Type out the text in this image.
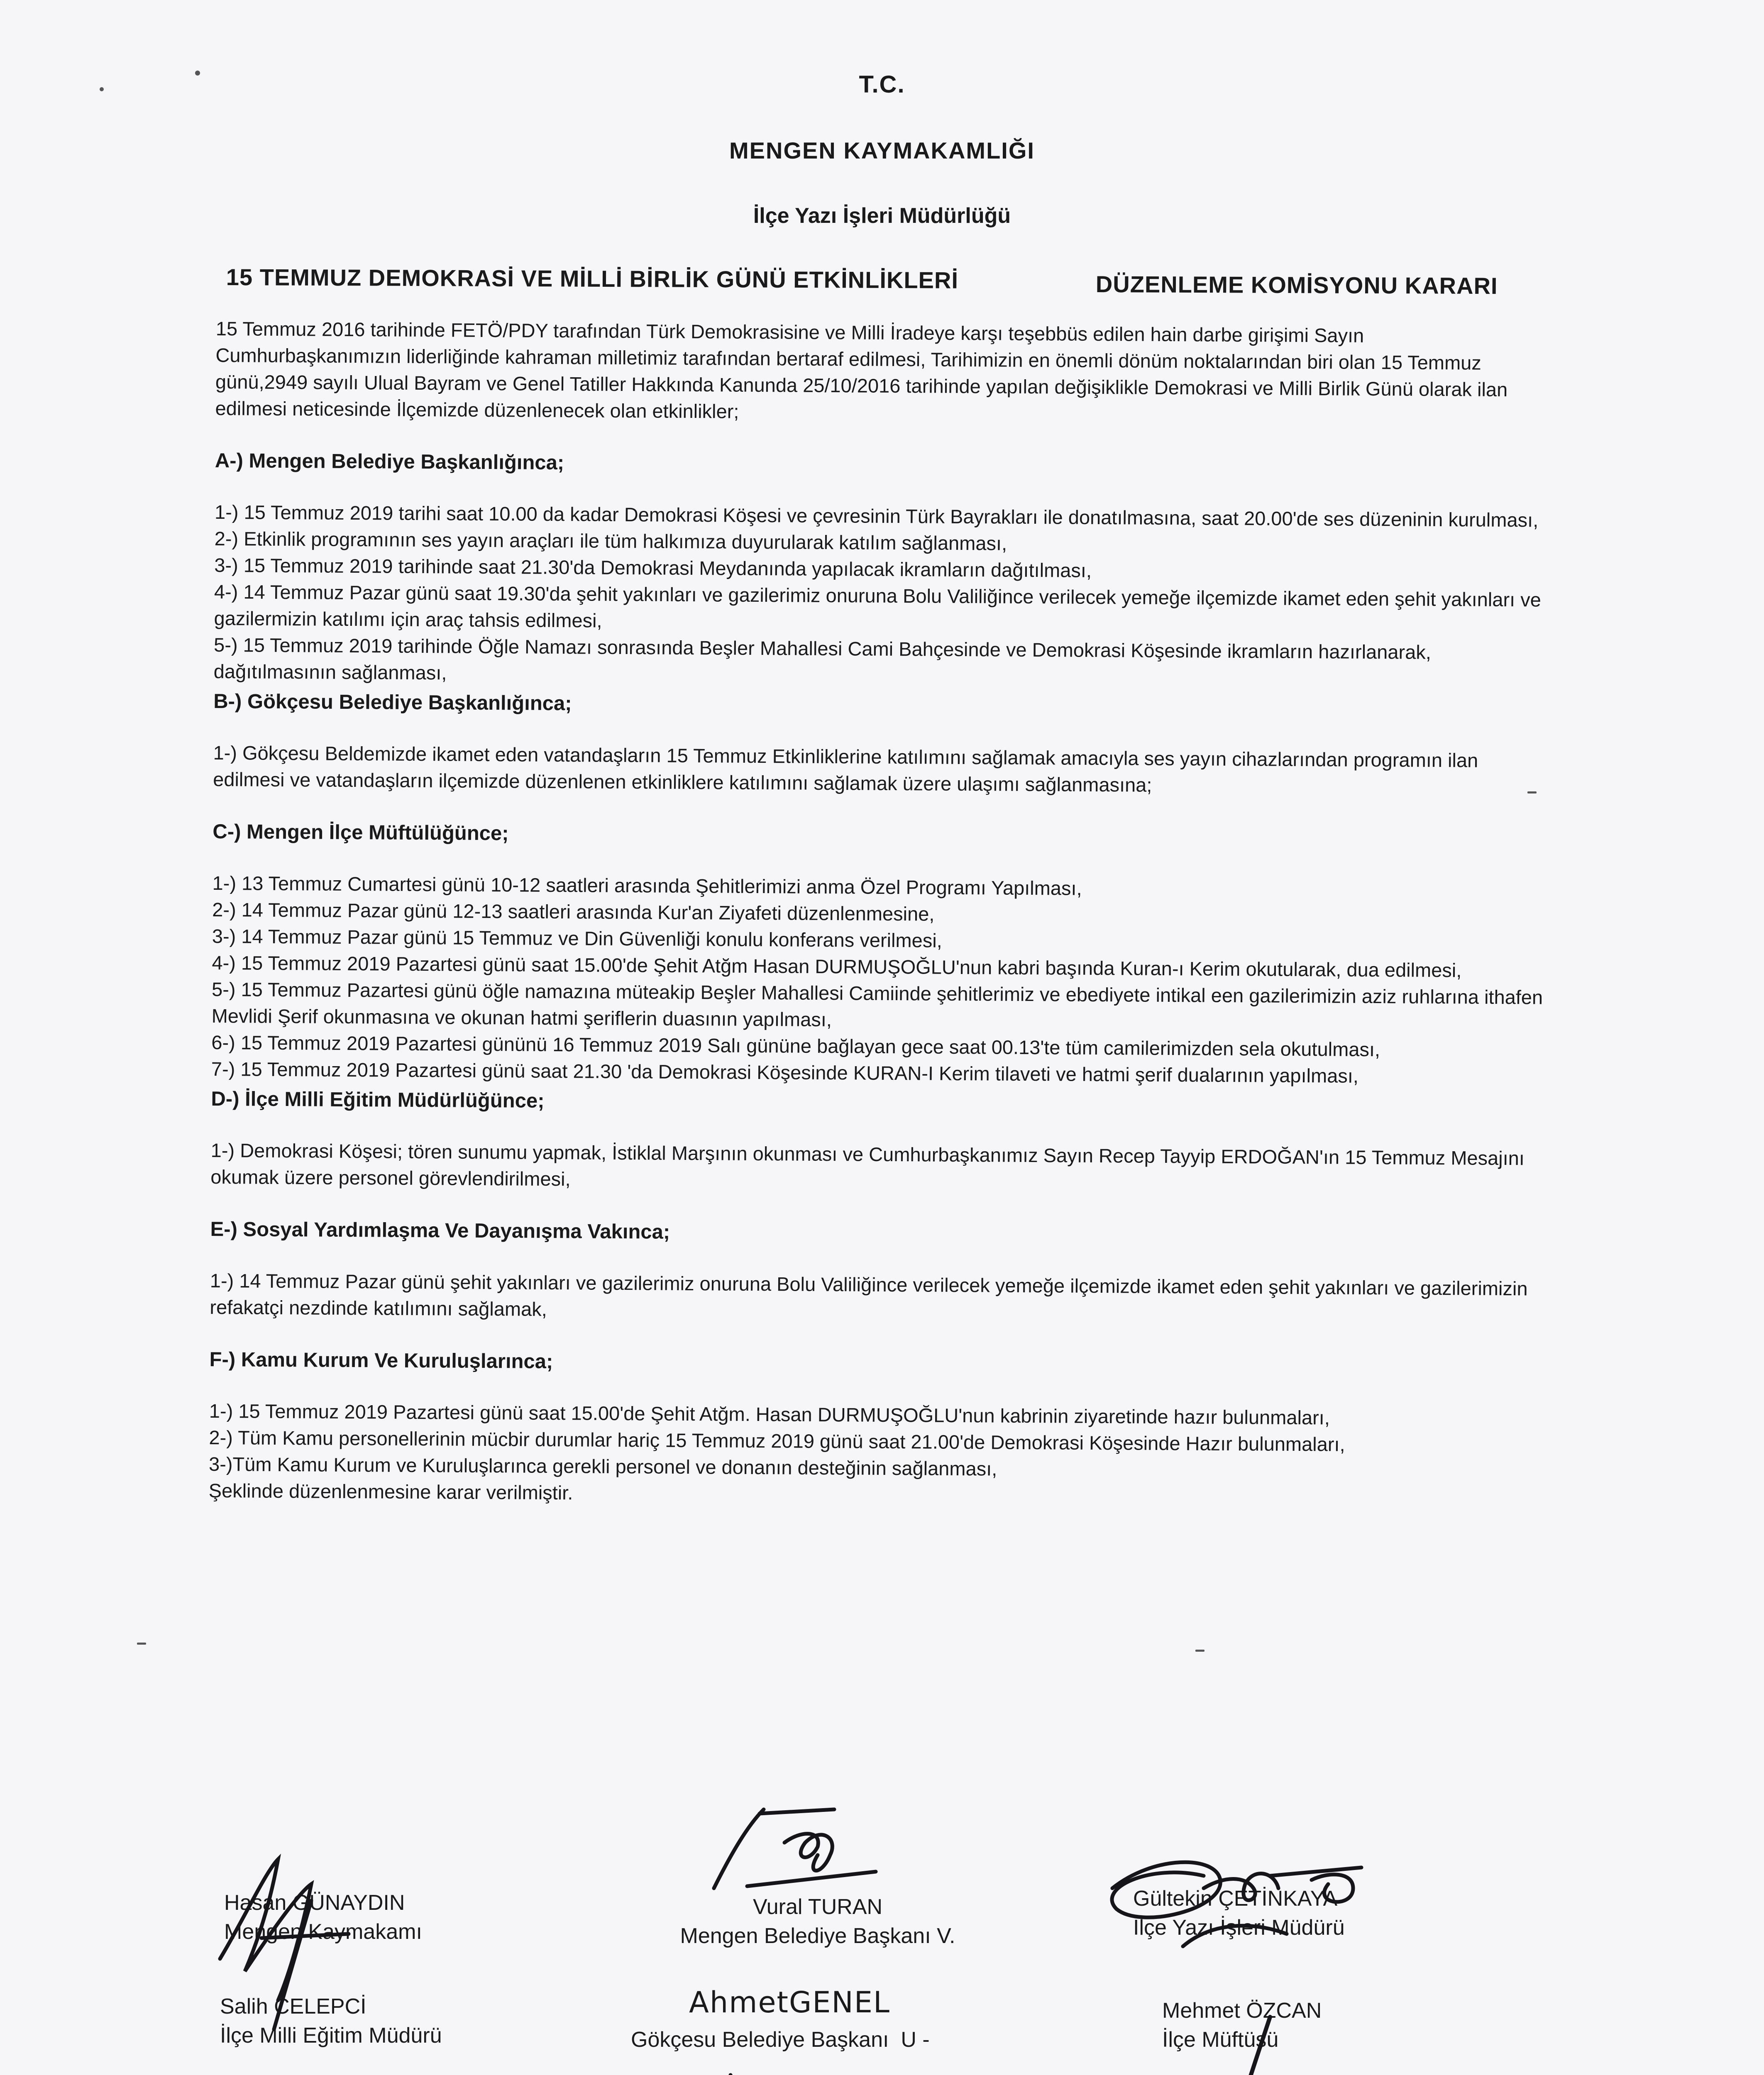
T.C.
MENGEN KAYMAKAMLIĞI
İlçe Yazı İşleri Müdürlüğü
15 TEMMUZ DEMOKRASİ VE MİLLİ BİRLİK GÜNÜ ETKİNLİKLERİ	DÜZENLEME KOMİSYONU KARARI

15 Temmuz 2016 tarihinde FETÖ/PDY tarafından Türk Demokrasisine ve Milli İradeye karşı teşebbüs edilen hain darbe girişimi Sayın Cumhurbaşkanımızın liderliğinde kahraman milletimiz tarafından bertaraf edilmesi, Tarihimizin en önemli dönüm noktalarından biri olan 15 Temmuz günü,2949 sayılı Ulual Bayram ve Genel Tatiller Hakkında Kanunda 25/10/2016 tarihinde yapılan değişiklikle Demokrasi ve Milli Birlik Günü olarak ilan edilmesi neticesinde İlçemizde düzenlenecek olan etkinlikler;

A-) Mengen Belediye Başkanlığınca;
1-) 15 Temmuz 2019 tarihi saat 10.00 da kadar Demokrasi Köşesi ve çevresinin Türk Bayrakları ile donatılmasına, saat 20.00'de ses düzeninin kurulması,
2-) Etkinlik programının ses yayın araçları ile tüm halkımıza duyurularak katılım sağlanması,
3-) 15 Temmuz 2019 tarihinde saat 21.30'da Demokrasi Meydanında yapılacak ikramların dağıtılması,
4-) 14 Temmuz Pazar günü saat 19.30'da şehit yakınları ve gazilerimiz onuruna Bolu Valiliğince verilecek yemeğe ilçemizde ikamet eden şehit yakınları ve gazilermizin katılımı için araç tahsis edilmesi,
5-) 15 Temmuz 2019 tarihinde Öğle Namazı sonrasında Beşler Mahallesi Cami Bahçesinde ve Demokrasi Köşesinde ikramların hazırlanarak, dağıtılmasının sağlanması,
B-) Gökçesu Belediye Başkanlığınca;
1-) Gökçesu Beldemizde ikamet eden vatandaşların 15 Temmuz Etkinliklerine katılımını sağlamak amacıyla ses yayın cihazlarından programın ilan edilmesi ve vatandaşların ilçemizde düzenlenen etkinliklere katılımını sağlamak üzere ulaşımı sağlanmasına;
C-) Mengen İlçe Müftülüğünce;
1-) 13 Temmuz Cumartesi günü 10-12 saatleri arasında Şehitlerimizi anma Özel Programı Yapılması,
2-) 14 Temmuz Pazar günü 12-13 saatleri arasında Kur'an Ziyafeti düzenlenmesine,
3-) 14 Temmuz Pazar günü 15 Temmuz ve Din Güvenliği konulu konferans verilmesi,
4-) 15 Temmuz 2019 Pazartesi günü saat 15.00'de Şehit Atğm Hasan DURMUŞOĞLU'nun kabri başında Kuran-ı Kerim okutularak, dua edilmesi,
5-) 15 Temmuz Pazartesi günü öğle namazına müteakip Beşler Mahallesi Camiinde şehitlerimiz ve ebediyete intikal een gazilerimizin aziz ruhlarına ithafen Mevlidi Şerif okunmasına ve okunan hatmi şeriflerin duasının yapılması,
6-) 15 Temmuz 2019 Pazartesi gününü 16 Temmuz 2019 Salı gününe bağlayan gece saat 00.13'te tüm camilerimizden sela okutulması,
7-) 15 Temmuz 2019 Pazartesi günü saat 21.30 'da Demokrasi Köşesinde KURAN-I Kerim tilaveti ve hatmi şerif dualarının yapılması,
D-) İlçe Milli Eğitim Müdürlüğünce;
1-) Demokrasi Köşesi; tören sunumu yapmak, İstiklal Marşının okunması ve Cumhurbaşkanımız Sayın Recep Tayyip ERDOĞAN'ın 15 Temmuz Mesajını okumak üzere personel görevlendirilmesi,
E-) Sosyal Yardımlaşma Ve Dayanışma Vakınca;
1-) 14 Temmuz Pazar günü şehit yakınları ve gazilerimiz onuruna Bolu Valiliğince verilecek yemeğe ilçemizde ikamet eden şehit yakınları ve gazilerimizin refakatçi nezdinde katılımını sağlamak,
F-) Kamu Kurum Ve Kuruluşlarınca;
1-) 15 Temmuz 2019 Pazartesi günü saat 15.00'de Şehit Atğm. Hasan DURMUŞOĞLU'nun kabrinin ziyaretinde hazır bulunmaları,
2-) Tüm Kamu personellerinin mücbir durumlar hariç 15 Temmuz 2019 günü saat 21.00'de Demokrasi Köşesinde Hazır bulunmaları,
3-)Tüm Kamu Kurum ve Kuruluşlarınca gerekli personel ve donanın desteğinin sağlanması,

Şeklinde düzenlenmesine karar verilmiştir.

Hasan GÜNAYDIN
Mengen Kaymakamı
Vural TURAN
Mengen Belediye Başkanı V.
Gültekin ÇETİNKAYA
İlçe Yazı İşleri Müdürü
Salih CELEPCİ
İlçe Milli Eğitim Müdürü	Gökçesu Belediye Başkanı  U -
Mehmet ÖZCAN
İlçe Müftüsü
AhmetGENEL
